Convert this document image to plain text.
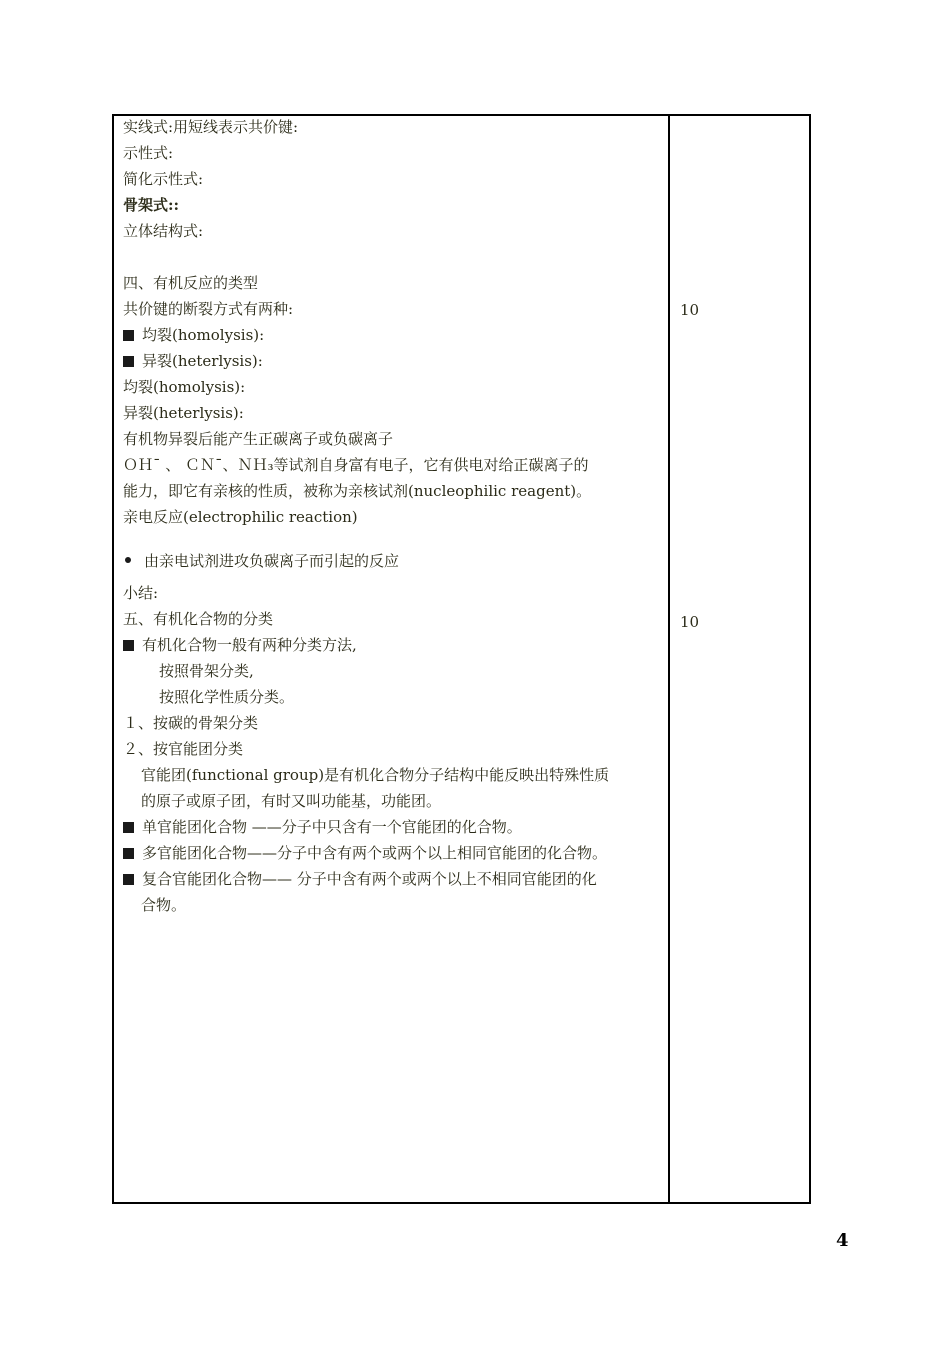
实线式:用短线表示共价键:
示性式:
简化示性式:
骨架式::
立体结构式:
四、有机反应的类型
共价键的断裂方式有两种:
均裂(homolysis):
异裂(heterlysis):
均裂(homolysis):
异裂(heterlysis):
有机物异裂后能产生正碳离子或负碳离子
ＯＨ¯ 、 ＣＮ¯、ＮＨ₃等试剂自身富有电子，它有供电对给正碳离子的
能力，即它有亲核的性质，被称为亲核试剂(nucleophilic reagent)。
亲电反应(electrophilic reaction)
由亲电试剂进攻负碳离子而引起的反应
小结:
五、有机化合物的分类
有机化合物一般有两种分类方法,
按照骨架分类,
按照化学性质分类。
１、按碳的骨架分类
２、按官能团分类
官能团(functional group)是有机化合物分子结构中能反映出特殊性质
的原子或原子团，有时又叫功能基，功能团。
单官能团化合物 ——分子中只含有一个官能团的化合物。
多官能团化合物——分子中含有两个或两个以上相同官能团的化合物。
复合官能团化合物—— 分子中含有两个或两个以上不相同官能团的化
合物。
10
10
4
